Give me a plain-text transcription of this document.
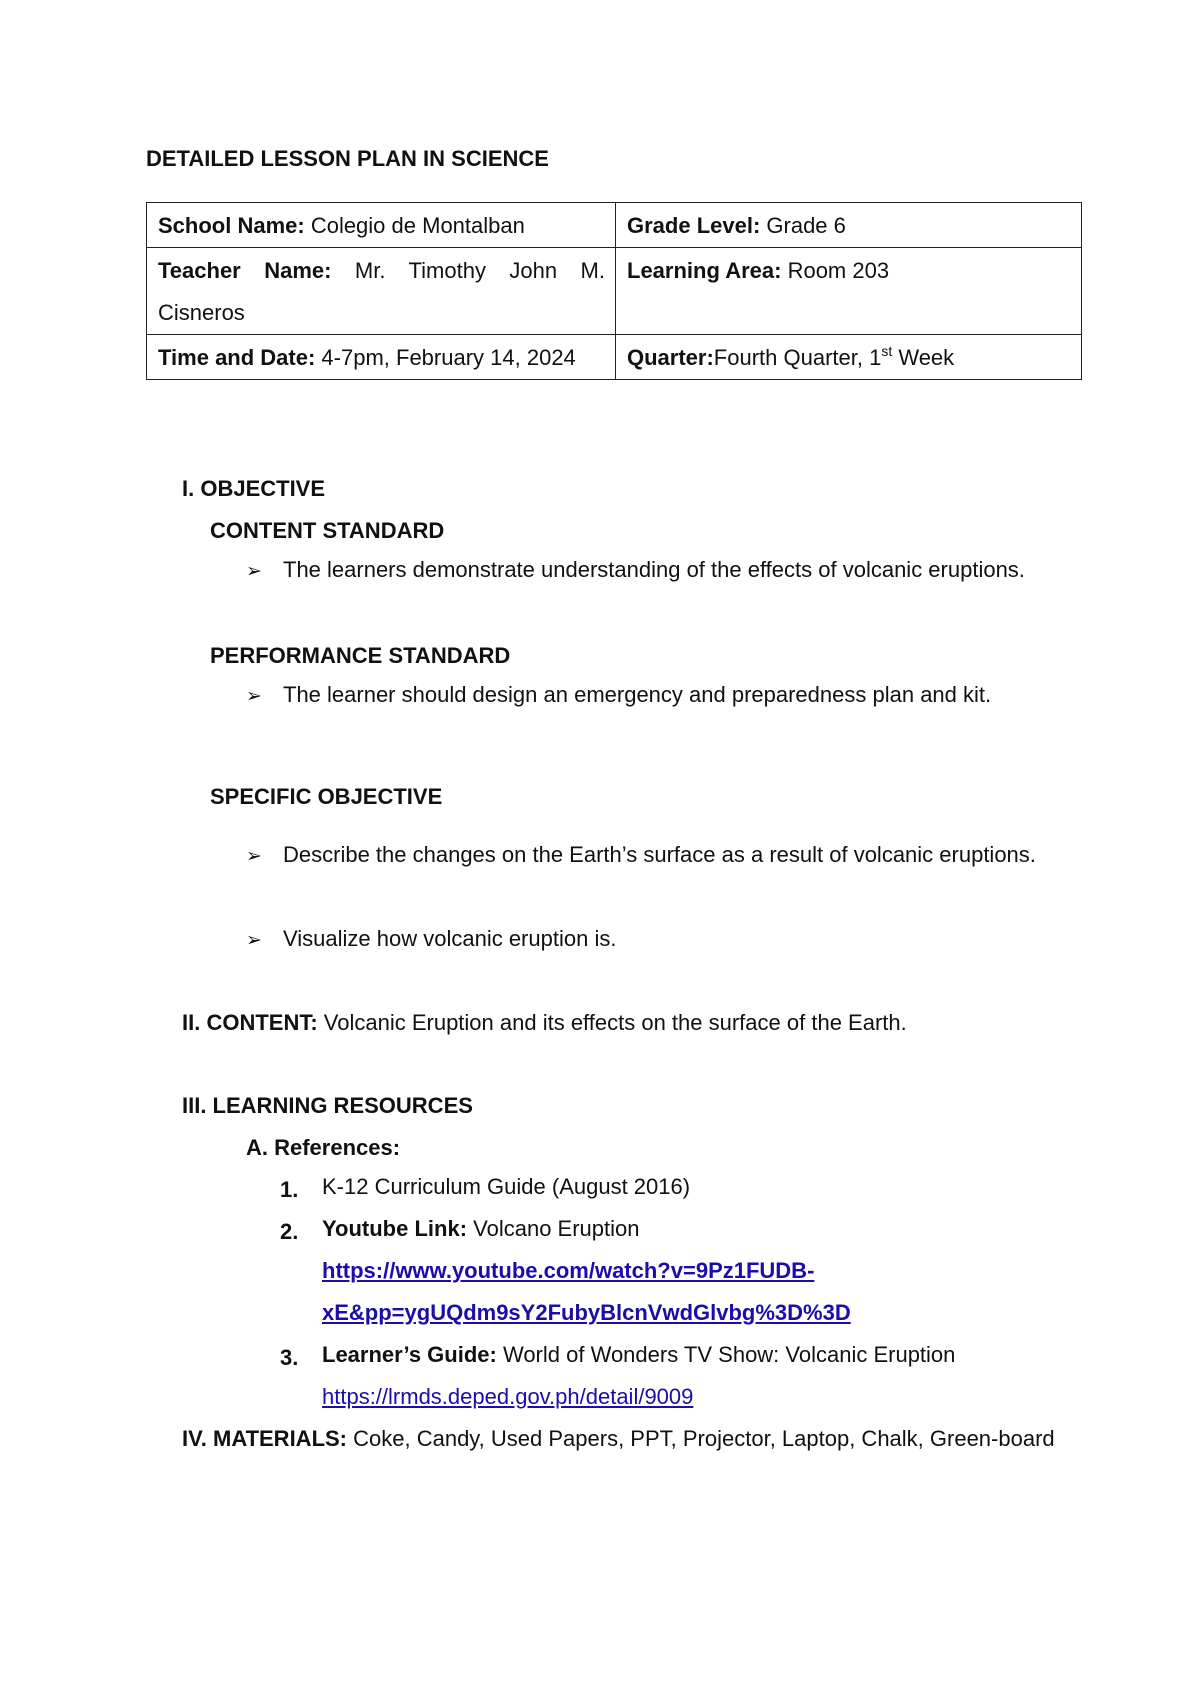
DETAILED LESSON PLAN IN SCIENCE
School Name: Colegio de Montalban	Grade Level: Grade 6
Teacher Name: Mr. Timothy John M. Cisneros	Learning Area: Room 203
Time and Date: 4-7pm, February 14, 2024	Quarter:Fourth Quarter, 1st Week
I. OBJECTIVE
CONTENT STANDARD
➢ The learners demonstrate understanding of the effects of volcanic eruptions.
PERFORMANCE STANDARD
➢ The learner should design an emergency and preparedness plan and kit.
SPECIFIC OBJECTIVE
➢ Describe the changes on the Earth’s surface as a result of volcanic eruptions.
➢ Visualize how volcanic eruption is.
II. CONTENT: Volcanic Eruption and its effects on the surface of the Earth.
III. LEARNING RESOURCES
A. References:
1. K-12 Curriculum Guide (August 2016)
2. Youtube Link: Volcano Eruption
https://www.youtube.com/watch?v=9Pz1FUDB-
xE&pp=ygUQdm9sY2FubyBlcnVwdGlvbg%3D%3D
3. Learner’s Guide: World of Wonders TV Show: Volcanic Eruption
https://lrmds.deped.gov.ph/detail/9009
IV. MATERIALS: Coke, Candy, Used Papers, PPT, Projector, Laptop, Chalk, Green-board
